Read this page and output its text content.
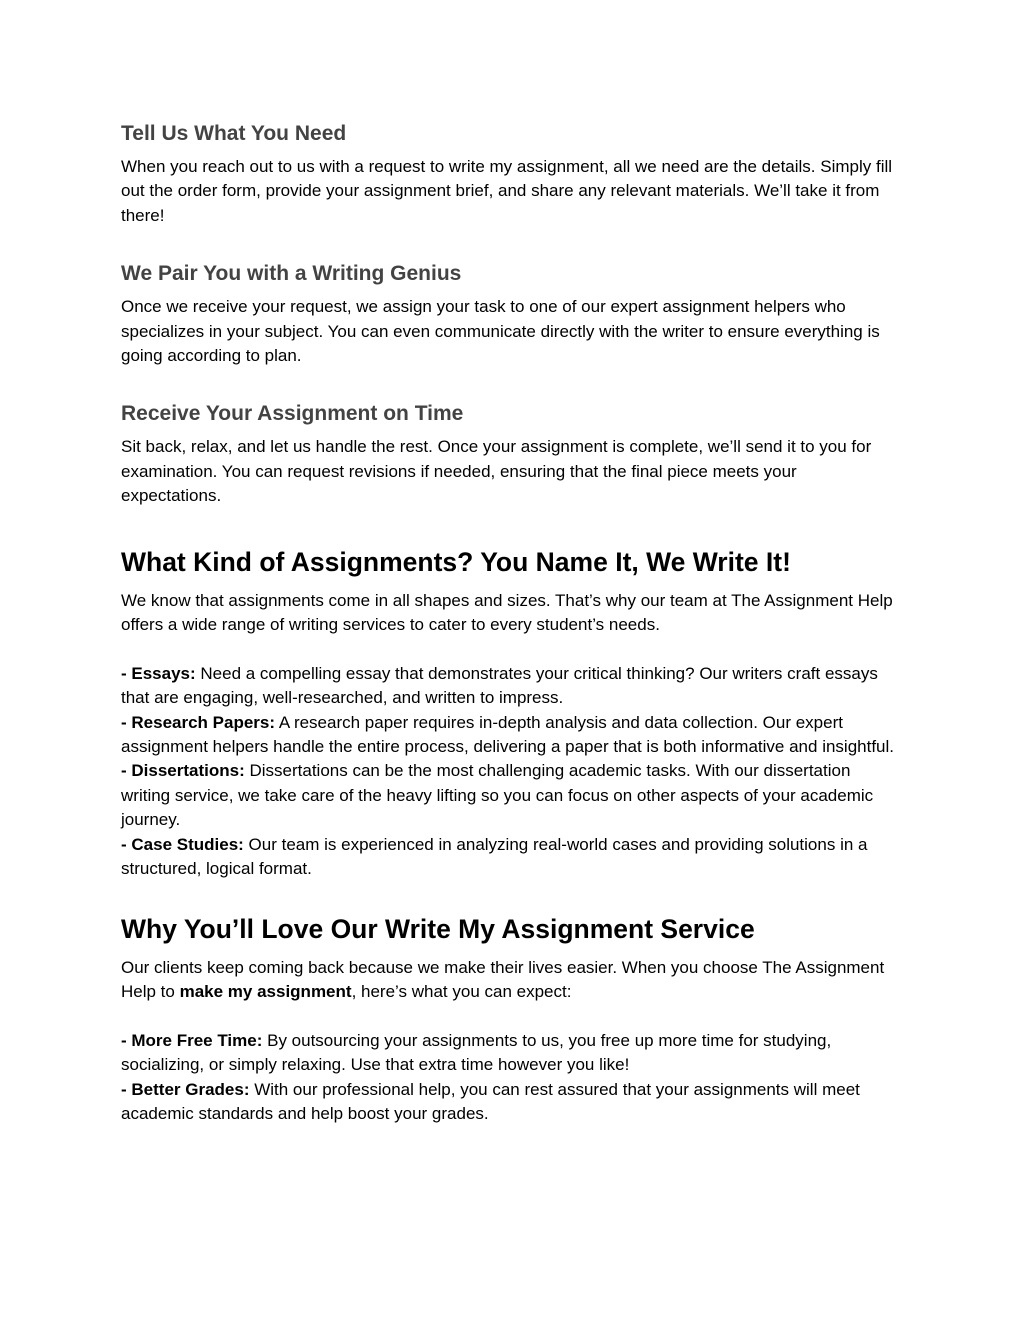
Tell Us What You Need

When you reach out to us with a request to write my assignment, all we need are the details. Simply fill out the order form, provide your assignment brief, and share any relevant materials. We’ll take it from there!

We Pair You with a Writing Genius

Once we receive your request, we assign your task to one of our expert assignment helpers who specializes in your subject. You can even communicate directly with the writer to ensure everything is going according to plan.

Receive Your Assignment on Time

Sit back, relax, and let us handle the rest. Once your assignment is complete, we’ll send it to you for examination. You can request revisions if needed, ensuring that the final piece meets your expectations.

What Kind of Assignments? You Name It, We Write It!

We know that assignments come in all shapes and sizes. That’s why our team at The Assignment Help offers a wide range of writing services to cater to every student’s needs.

- Essays: Need a compelling essay that demonstrates your critical thinking? Our writers craft essays that are engaging, well-researched, and written to impress.

- Research Papers: A research paper requires in-depth analysis and data collection. Our expert assignment helpers handle the entire process, delivering a paper that is both informative and insightful.

- Dissertations: Dissertations can be the most challenging academic tasks. With our dissertation writing service, we take care of the heavy lifting so you can focus on other aspects of your academic journey.

- Case Studies: Our team is experienced in analyzing real-world cases and providing solutions in a structured, logical format.

Why You’ll Love Our Write My Assignment Service

Our clients keep coming back because we make their lives easier. When you choose The Assignment Help to make my assignment, here’s what you can expect:

- More Free Time: By outsourcing your assignments to us, you free up more time for studying, socializing, or simply relaxing. Use that extra time however you like!

- Better Grades: With our professional help, you can rest assured that your assignments will meet academic standards and help boost your grades.
